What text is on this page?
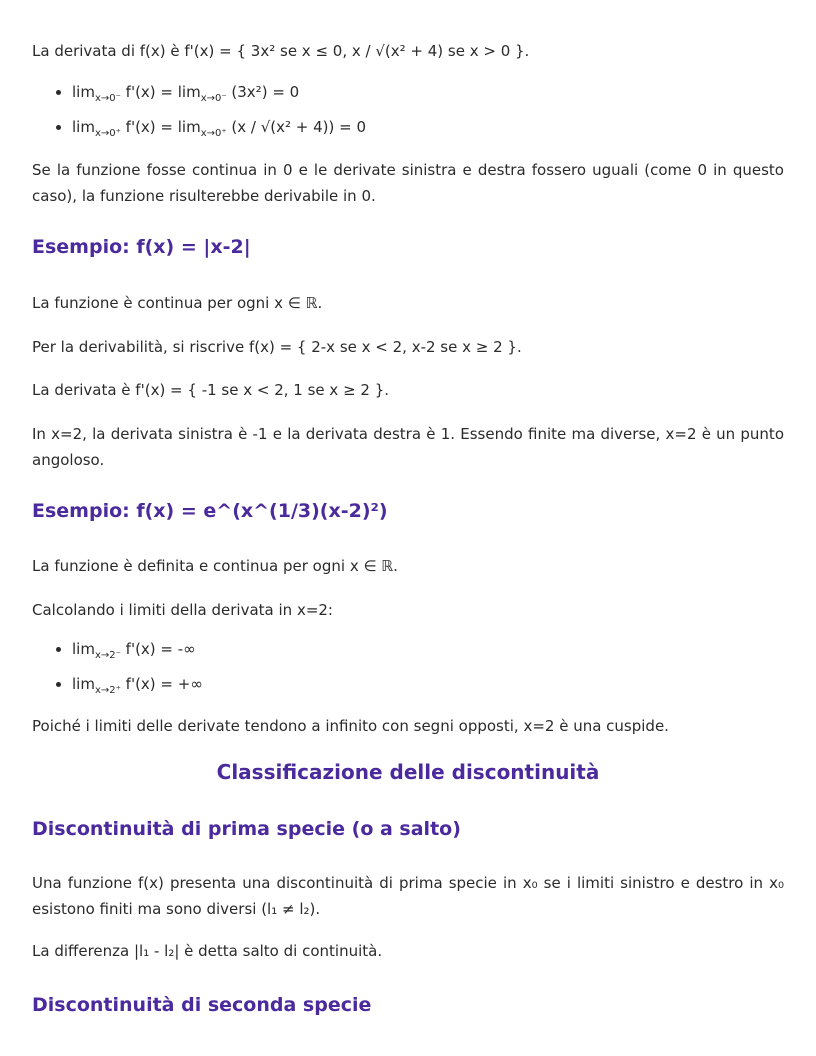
La derivata di f(x) è f'(x) = { 3x² se x ≤ 0, x / √(x² + 4) se x > 0 }.

• $\lim_{x\to 0^-} f'(x) = \lim_{x\to 0^-} (3x^2) = 0$
• $\lim_{x\to 0^+} f'(x) = \lim_{x\to 0^+} (x / √(x^2 + 4)) = 0$

Se la funzione fosse continua in 0 e le derivate sinistra e destra fossero uguali (come 0 in questo caso), la funzione risulterebbe derivabile in 0.

Esempio: f(x) = |x-2|

La funzione è continua per ogni x ∈ ℝ.

Per la derivabilità, si riscrive f(x) = { 2-x se x < 2, x-2 se x ≥ 2 }.

La derivata è f'(x) = { -1 se x < 2, 1 se x ≥ 2 }.

In x=2, la derivata sinistra è -1 e la derivata destra è 1. Essendo finite ma diverse, x=2 è un punto angoloso.

Esempio: f(x) = e^(x^(1/3)(x-2)²)

La funzione è definita e continua per ogni x ∈ ℝ.

Calcolando i limiti della derivata in x=2:

• $\lim_{x\to 2^-} f'(x)$ = -∞
• $\lim_{x\to 2^+} f'(x)$ = +∞

Poiché i limiti delle derivate tendono a infinito con segni opposti, x=2 è una cuspide.

Classificazione delle discontinuità
Discontinuità di prima specie (o a salto)

Una funzione f(x) presenta una discontinuità di prima specie in x₀ se i limiti sinistro e destro in x₀ esistono finiti ma sono diversi (l₁ ≠ l₂).

La differenza |l₁ - l₂| è detta salto di continuità.

Discontinuità di seconda specie
